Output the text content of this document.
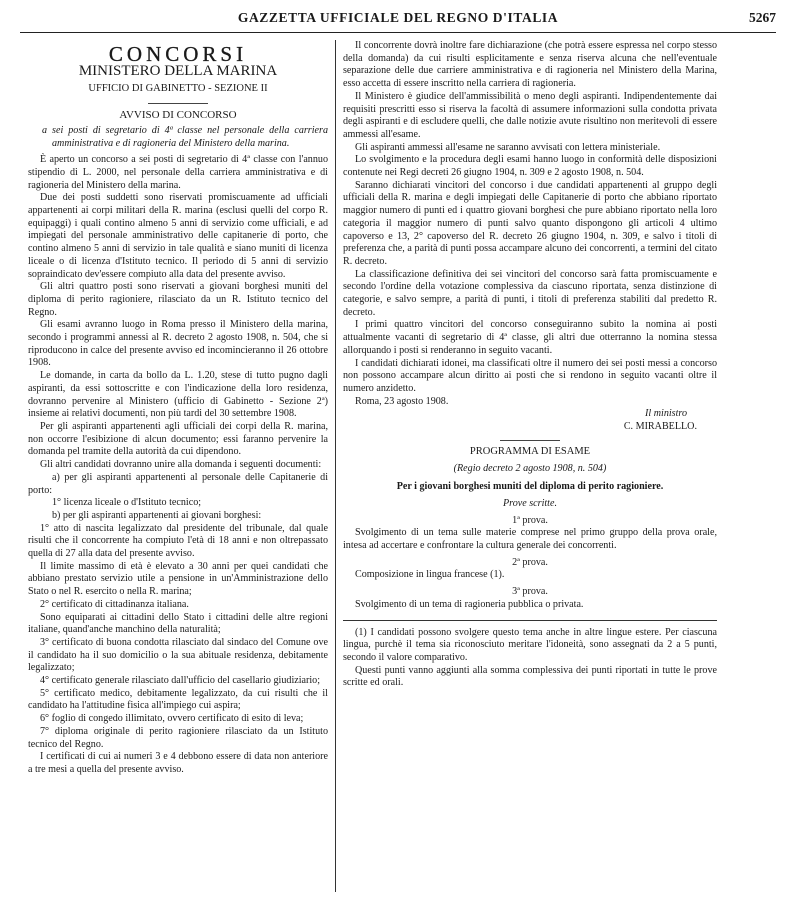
GAZZETTA UFFICIALE DEL REGNO D'ITALIA	5267
CONCORSI
MINISTERO DELLA MARINA
UFFICIO DI GABINETTO - SEZIONE II
AVVISO DI CONCORSO

a sei posti di segretario di 4ª classe nel personale della carriera amministrativa e di ragioneria del Ministero della marina.

È aperto un concorso a sei posti di segretario di 4ª classe con l'annuo stipendio di L. 2000, nel personale della carriera amministrativa e di ragioneria del Ministero della marina.

Due dei posti suddetti sono riservati promiscuamente ad ufficiali appartenenti ai corpi militari della R. marina (esclusi quelli del corpo R. equipaggi) i quali contino almeno 5 anni di servizio come ufficiali, e ad impiegati del personale amministrativo delle capitanerie di porto, che contino almeno 5 anni di servizio in tale qualità e siano muniti di licenza liceale o di licenza d'Istituto tecnico. Il periodo di 5 anni di servizio sopraindicato dev'essere compiuto alla data del presente avviso.

Gli altri quattro posti sono riservati a giovani borghesi muniti del diploma di perito ragioniere, rilasciato da un R. Istituto tecnico del Regno.

Gli esami avranno luogo in Roma presso il Ministero della marina, secondo i programmi annessi al R. decreto 2 agosto 1908, n. 504, che si riproducono in calce del presente avviso ed incomincieranno il 26 ottobre 1908.

Le domande, in carta da bollo da L. 1.20, stese di tutto pugno dagli aspiranti, da essi sottoscritte e con l'indicazione della loro residenza, dovranno pervenire al Ministero (ufficio di Gabinetto - Sezione 2ª) insieme ai relativi documenti, non più tardi del 30 settembre 1908.

Per gli aspiranti appartenenti agli ufficiali dei corpi della R. marina, non occorre l'esibizione di alcun documento; essi faranno pervenire la domanda pel tramite della autorità da cui dipendono.

Gli altri candidati dovranno unire alla domanda i seguenti documenti:

a) per gli aspiranti appartenenti al personale delle Capitanerie di porto:

1° licenza liceale o d'Istituto tecnico;

b) per gli aspiranti appartenenti ai giovani borghesi:

1° atto di nascita legalizzato dal presidente del tribunale, dal quale risulti che il concorrente ha compiuto l'età di 18 anni e non oltrepassato quella di 27 alla data del presente avviso.

Il limite massimo di età è elevato a 30 anni per quei candidati che abbiano prestato servizio utile a pensione in un'Amministrazione dello Stato o nel R. esercito o nella R. marina;

2° certificato di cittadinanza italiana.

Sono equiparati ai cittadini dello Stato i cittadini delle altre regioni italiane, quand'anche manchino della naturalità;

3° certificato di buona condotta rilasciato dal sindaco del Comune ove il candidato ha il suo domicilio o la sua abituale residenza, debitamente legalizzato;

4° certificato generale rilasciato dall'ufficio del casellario giudiziario;

5° certificato medico, debitamente legalizzato, da cui risulti che il candidato ha l'attitudine fisica all'impiego cui aspira;

6° foglio di congedo illimitato, ovvero certificato di esito di leva;

7° diploma originale di perito ragioniere rilasciato da un Istituto tecnico del Regno.

I certificati di cui ai numeri 3 e 4 debbono essere di data non anteriore a tre mesi a quella del presente avviso.

Il concorrente dovrà inoltre fare dichiarazione (che potrà essere espressa nel corpo stesso della domanda) da cui risulti esplicitamente e senza riserva alcuna che nell'eventuale separazione delle due carriere amministrativa e di ragioneria nel Ministero della Marina, esso accetta di essere inscritto nella carriera di ragioneria.

Il Ministero è giudice dell'ammissibilità o meno degli aspiranti. Indipendentemente dai requisiti prescritti esso si riserva la facoltà di assumere informazioni sulla condotta privata degli aspiranti e di escludere quelli, che dalle notizie avute risultino non meritevoli di essere ammessi all'esame.

Gli aspiranti ammessi all'esame ne saranno avvisati con lettera ministeriale.

Lo svolgimento e la procedura degli esami hanno luogo in conformità delle disposizioni contenute nei Regi decreti 26 giugno 1904, n. 309 e 2 agosto 1908, n. 504.

Saranno dichiarati vincitori del concorso i due candidati appartenenti al gruppo degli ufficiali della R. marina e degli impiegati delle Capitanerie di porto che abbiano riportato maggior numero di punti ed i quattro giovani borghesi che pure abbiano riportato nella loro categoria il maggior numero di punti salvo quanto dispongono gli articoli 4 ultimo capoverso e 13, 2° capoverso del R. decreto 26 giugno 1904, n. 309, e salvo i titoli di preferenza che, a parità di punti possa accampare alcuno dei concorrenti, a termini del citato R. decreto.

La classificazione definitiva dei sei vincitori del concorso sarà fatta promiscuamente e secondo l'ordine della votazione complessiva da ciascuno riportata, senza distinzione di categorie, e salvo sempre, a parità di punti, i titoli di preferenza stabiliti dal predetto R. decreto.

I primi quattro vincitori del concorso conseguiranno subito la nomina ai posti attualmente vacanti di segretario di 4ª classe, gli altri due otterranno la nomina stessa allorquando i posti si renderanno in seguito vacanti.

I candidati dichiarati idonei, ma classificati oltre il numero dei sei posti messi a concorso non possono accampare alcun diritto ai posti che si rendono in seguito vacanti oltre il numero anzidetto.

Roma, 23 agosto 1908.

Il ministro
C. MIRABELLO.
PROGRAMMA DI ESAME
(Regio decreto 2 agosto 1908, n. 504)

Per i giovani borghesi muniti del diploma di perito ragioniere.

Prove scritte.

1ª prova.

Svolgimento di un tema sulle materie comprese nel primo gruppo della prova orale, intesa ad accertare e confrontare la cultura generale dei concorrenti.

2ª prova.

Composizione in lingua francese (1).

3ª prova.

Svolgimento di un tema di ragioneria pubblica o privata.

(1) I candidati possono svolgere questo tema anche in altre lingue estere. Per ciascuna lingua, purchè il tema sia riconosciuto meritare l'idoneità, sono assegnati da 2 a 5 punti, secondo il valore comparativo.

Questi punti vanno aggiunti alla somma complessiva dei punti riportati in tutte le prove scritte ed orali.
